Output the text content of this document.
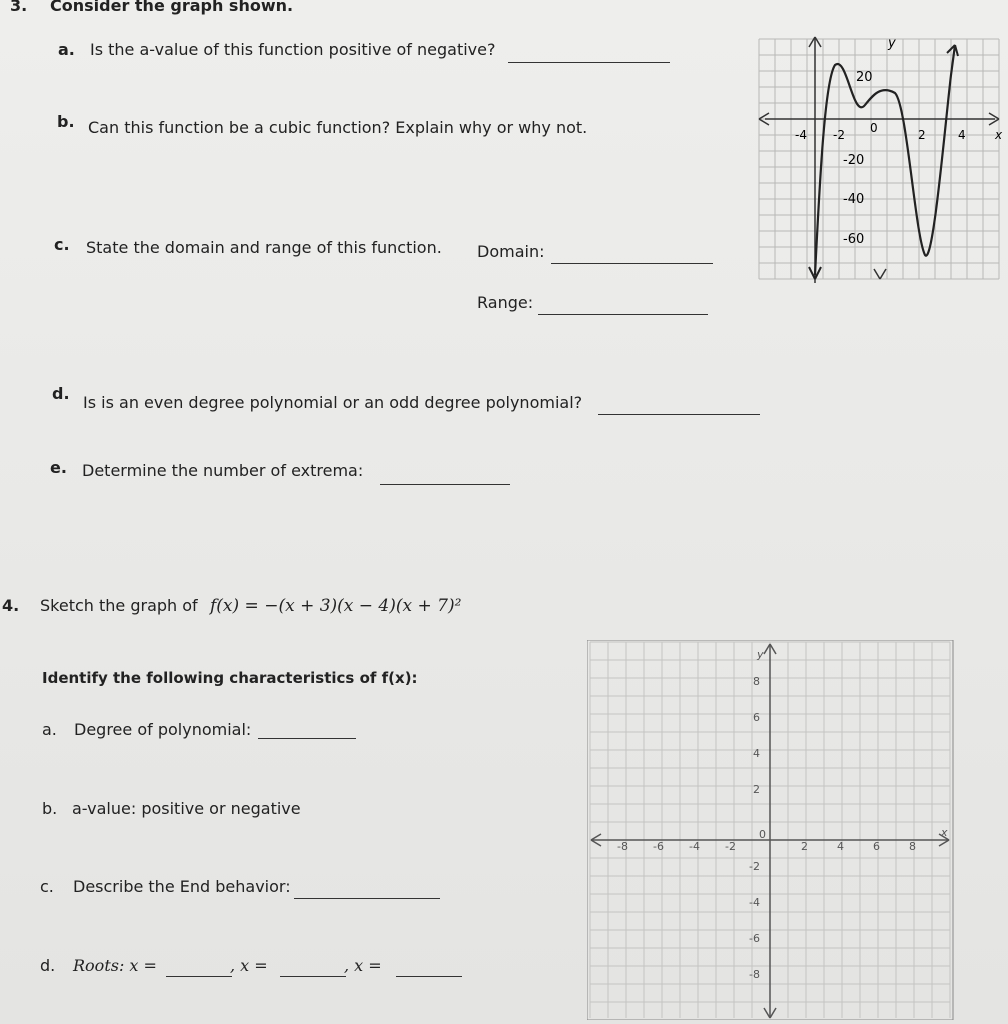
3. Consider the graph shown.
a. Is the a-value of this function positive of negative?
b. Can this function be a cubic function? Explain why or why not.
c. State the domain and range of this function. Domain:
Range:
d. Is is an even degree polynomial or an odd degree polynomial?
e. Determine the number of extrema:
y
x
20
-20
-40
-60
-4 -2 0	2	4
4. Sketch the graph of f(x) = −(x + 3)(x − 4)(x + 7)²
Identify the following characteristics of f(x):
a. Degree of polynomial:
b. a-value: positive or negative
c. Describe the End behavior:
d. Roots: x =	, x =	, x =
y
x
8
6
4
2
-2
-4
-6
-8
-8 -6 -4 -2
0
2	4	6	8
